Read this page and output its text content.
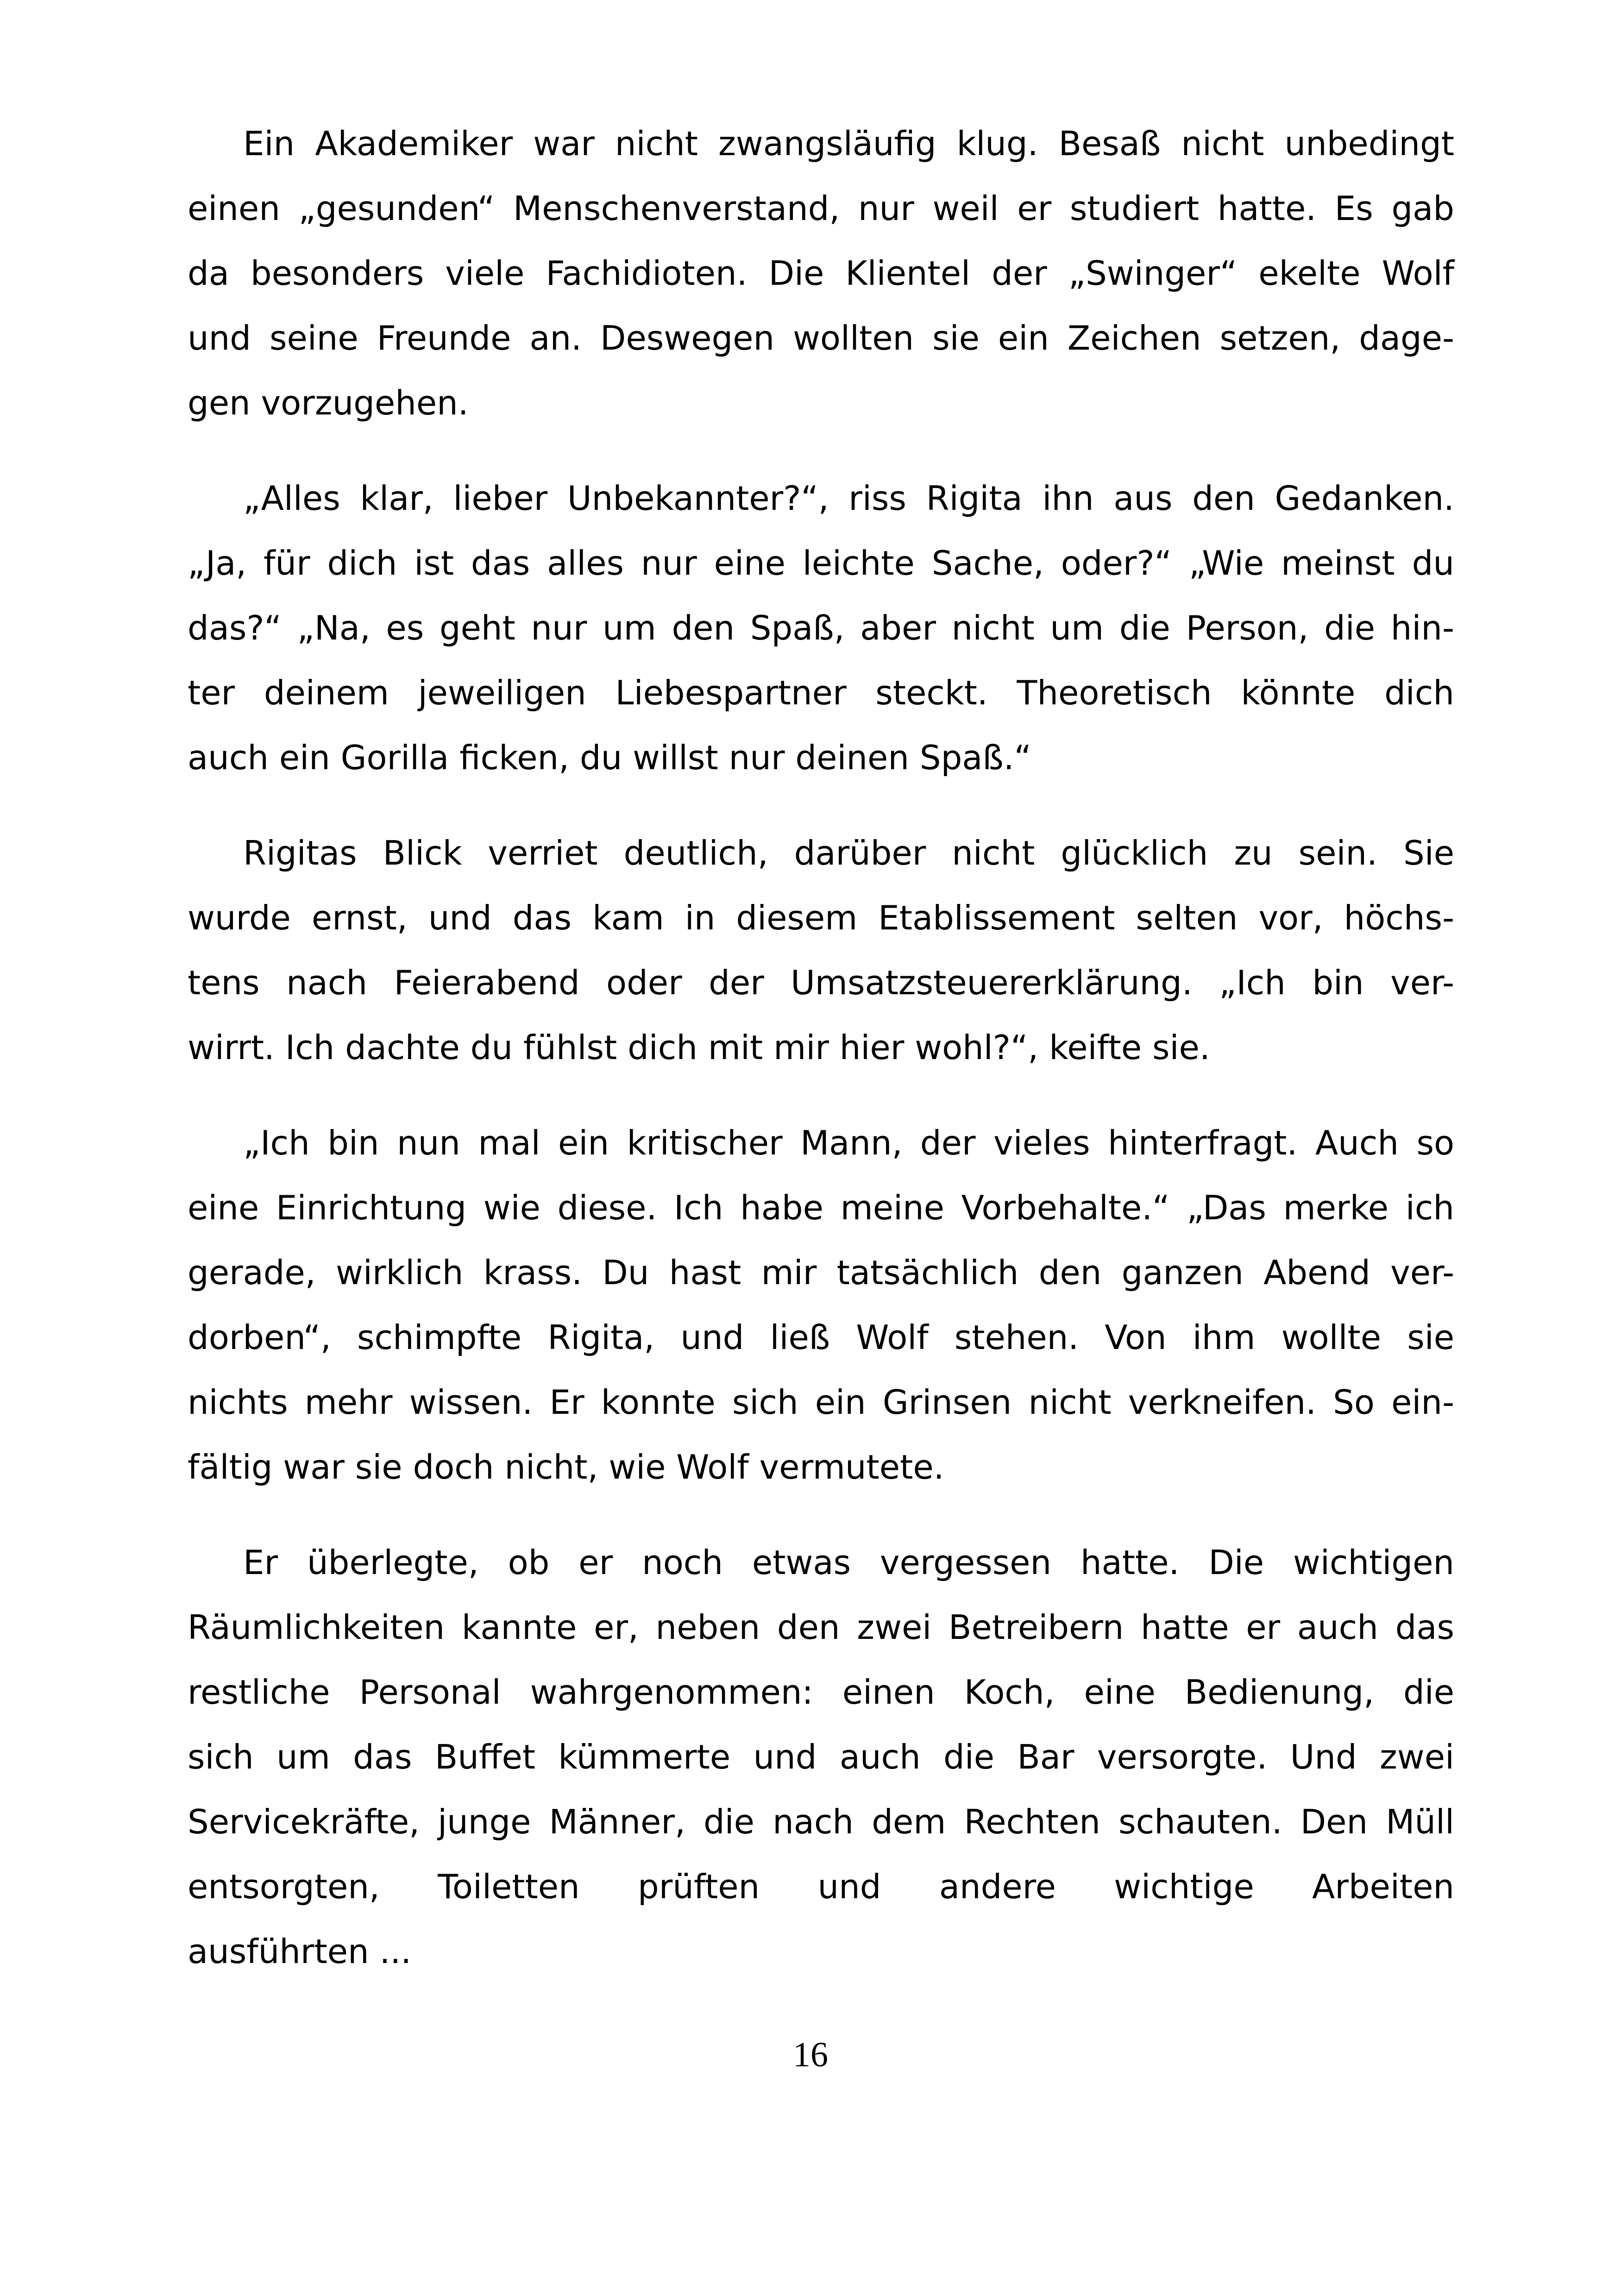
Ein Akademiker war nicht zwangsläufig klug. Besaß nicht unbedingt
einen „gesunden“ Menschenverstand, nur weil er studiert hatte. Es gab
da besonders viele Fachidioten. Die Klientel der „Swinger“ ekelte Wolf
und seine Freunde an. Deswegen wollten sie ein Zeichen setzen, dage-
gen vorzugehen.
„Alles klar, lieber Unbekannter?“, riss Rigita ihn aus den Gedanken.
„Ja, für dich ist das alles nur eine leichte Sache, oder?“ „Wie meinst du
das?“ „Na, es geht nur um den Spaß, aber nicht um die Person, die hin-
ter deinem jeweiligen Liebespartner steckt. Theoretisch könnte dich
auch ein Gorilla ficken, du willst nur deinen Spaß.“
Rigitas Blick verriet deutlich, darüber nicht glücklich zu sein. Sie
wurde ernst, und das kam in diesem Etablissement selten vor, höchs-
tens nach Feierabend oder der Umsatzsteuererklärung. „Ich bin ver-
wirrt. Ich dachte du fühlst dich mit mir hier wohl?“, keifte sie.
„Ich bin nun mal ein kritischer Mann, der vieles hinterfragt. Auch so
eine Einrichtung wie diese. Ich habe meine Vorbehalte.“ „Das merke ich
gerade, wirklich krass. Du hast mir tatsächlich den ganzen Abend ver-
dorben“, schimpfte Rigita, und ließ Wolf stehen. Von ihm wollte sie
nichts mehr wissen. Er konnte sich ein Grinsen nicht verkneifen. So ein-
fältig war sie doch nicht, wie Wolf vermutete.
Er überlegte, ob er noch etwas vergessen hatte. Die wichtigen
Räumlichkeiten kannte er, neben den zwei Betreibern hatte er auch das
restliche Personal wahrgenommen: einen Koch, eine Bedienung, die
sich um das Buffet kümmerte und auch die Bar versorgte. Und zwei
Servicekräfte, junge Männer, die nach dem Rechten schauten. Den Müll
entsorgten, Toiletten prüften und andere wichtige Arbeiten
ausführten ...
16
